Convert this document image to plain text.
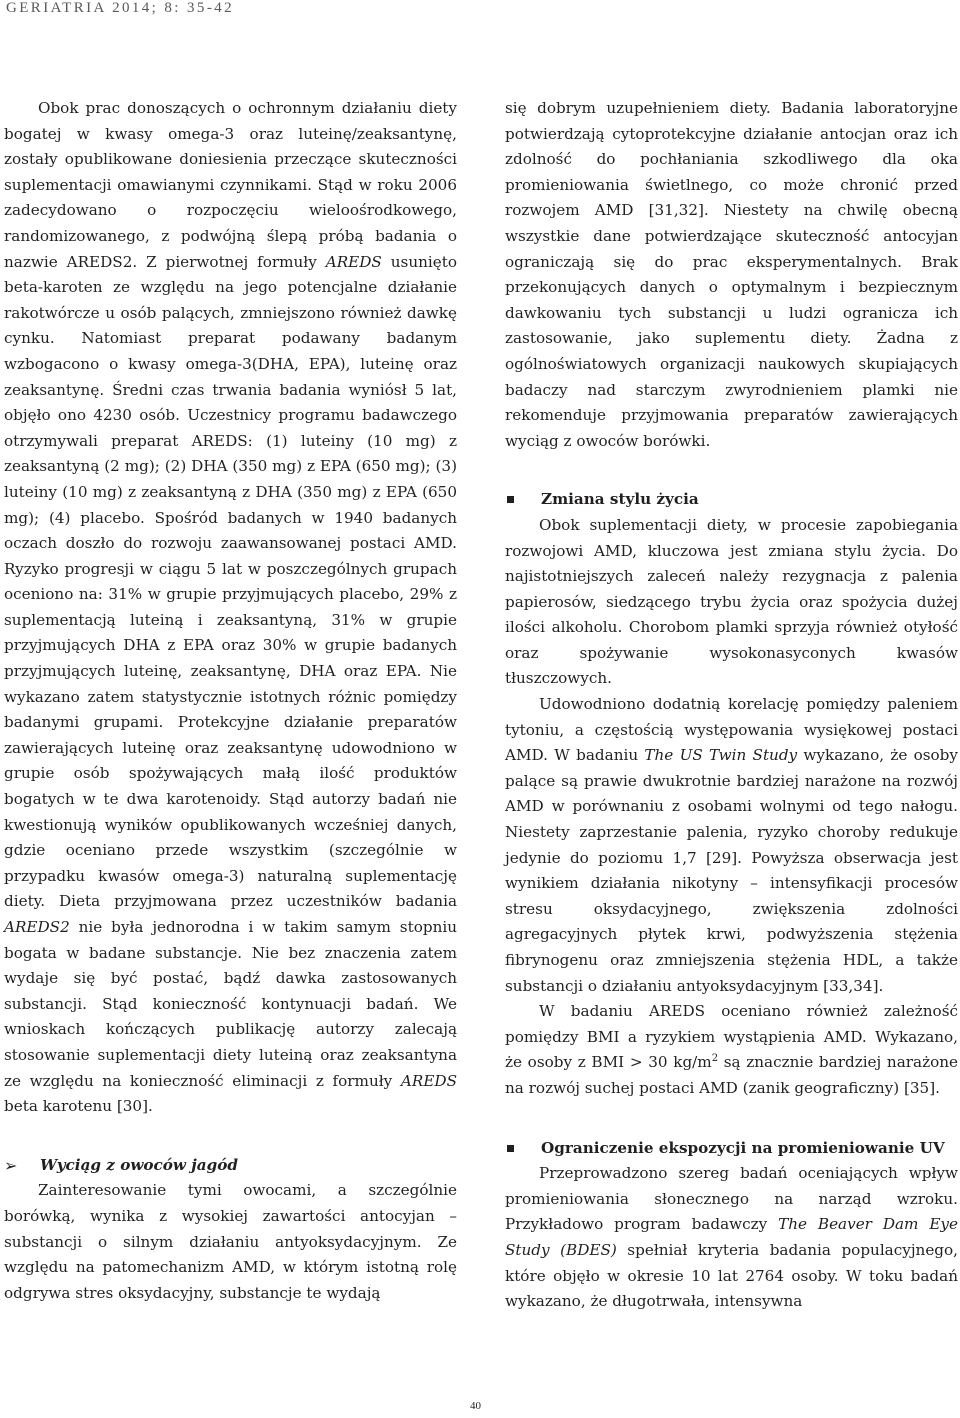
GERIATRIA 2014; 8: 35-42

Obok prac donoszących o ochronnym działaniu diety bogatej w kwasy omega-3 oraz luteinę/zeaksantynę, zostały opublikowane doniesienia przeczące skuteczności suplementacji omawianymi czynnikami. Stąd w roku 2006 zadecydowano o rozpoczęciu wieloośrodkowego, randomizowanego, z podwójną ślepą próbą badania o nazwie AREDS2. Z pierwotnej formuły AREDS usunięto beta-karoten ze względu na jego potencjalne działanie rakotwórcze u osób palących, zmniejszono również dawkę cynku. Natomiast preparat podawany badanym wzbogacono o kwasy omega-3(DHA, EPA), luteinę oraz zeaksantynę. Średni czas trwania badania wyniósł 5 lat, objęło ono 4230 osób. Uczestnicy programu badawczego otrzymywali preparat AREDS: (1) luteiny (10 mg) z zeaksantyną (2 mg); (2) DHA (350 mg) z EPA (650 mg); (3) luteiny (10 mg) z zeaksantyną z DHA (350 mg) z EPA (650 mg); (4) placebo. Spośród badanych w 1940 badanych oczach doszło do rozwoju zaawansowanej postaci AMD. Ryzyko progresji w ciągu 5 lat w poszczególnych grupach oceniono na: 31% w grupie przyjmujących placebo, 29% z suplementacją luteiną i zeaksantyną, 31% w grupie przyjmujących DHA z EPA oraz 30% w grupie badanych przyjmujących luteinę, zeaksantynę, DHA oraz EPA. Nie wykazano zatem statystycznie istotnych różnic pomiędzy badanymi grupami. Protekcyjne działanie preparatów zawierających luteinę oraz zeaksantynę udowodniono w grupie osób spożywających małą ilość produktów bogatych w te dwa karotenoidy. Stąd autorzy badań nie kwestionują wyników opublikowanych wcześniej danych, gdzie oceniano przede wszystkim (szczególnie w przypadku kwasów omega-3) naturalną suplementację diety. Dieta przyjmowana przez uczestników badania AREDS2 nie była jednorodna i w takim samym stopniu bogata w badane substancje. Nie bez znaczenia zatem wydaje się być postać, bądź dawka zastosowanych substancji. Stąd konieczność kontynuacji badań. We wnioskach kończących publikację autorzy zalecają stosowanie suplementacji diety luteiną oraz zeaksantyna ze względu na konieczność eliminacji z formuły AREDS beta karotenu [30].

➢ Wyciąg z owoców jagód

Zainteresowanie tymi owocami, a szczególnie borówką, wynika z wysokiej zawartości antocyjan – substancji o silnym działaniu antyoksydacyjnym. Ze względu na patomechanizm AMD, w którym istotną rolę odgrywa stres oksydacyjny, substancje te wydają

się dobrym uzupełnieniem diety. Badania laboratoryjne potwierdzają cytoprotekcyjne działanie antocjan oraz ich zdolność do pochłaniania szkodliwego dla oka promieniowania świetlnego, co może chronić przed rozwojem AMD [31,32]. Niestety na chwilę obecną wszystkie dane potwierdzające skuteczność antocyjan ograniczają się do prac eksperymentalnych. Brak przekonujących danych o optymalnym i bezpiecznym dawkowaniu tych substancji u ludzi ogranicza ich zastosowanie, jako suplementu diety. Żadna z ogólnoświatowych organizacji naukowych skupiających badaczy nad starczym zwyrodnieniem plamki nie rekomenduje przyjmowania preparatów zawierających wyciąg z owoców borówki.

Zmiana stylu życia

Obok suplementacji diety, w procesie zapobiegania rozwojowi AMD, kluczowa jest zmiana stylu życia. Do najistotniejszych zaleceń należy rezygnacja z palenia papierosów, siedzącego trybu życia oraz spożycia dużej ilości alkoholu. Chorobom plamki sprzyja również otyłość oraz spożywanie wysokonasyconych kwasów tłuszczowych.

Udowodniono dodatnią korelację pomiędzy paleniem tytoniu, a częstością występowania wysiękowej postaci AMD. W badaniu The US Twin Study wykazano, że osoby palące są prawie dwukrotnie bardziej narażone na rozwój AMD w porównaniu z osobami wolnymi od tego nałogu. Niestety zaprzestanie palenia, ryzyko choroby redukuje jedynie do poziomu 1,7 [29]. Powyższa obserwacja jest wynikiem działania nikotyny – intensyfikacji procesów stresu oksydacyjnego, zwiększenia zdolności agregacyjnych płytek krwi, podwyższenia stężenia fibrynogenu oraz zmniejszenia stężenia HDL, a także substancji o działaniu antyoksydacyjnym [33,34].

W badaniu AREDS oceniano również zależność pomiędzy BMI a ryzykiem wystąpienia AMD. Wykazano, że osoby z BMI > 30 $kg/m^2$ są znacznie bardziej narażone na rozwój suchej postaci AMD (zanik geograficzny) [35].

Ograniczenie ekspozycji na promieniowanie UV

Przeprowadzono szereg badań oceniających wpływ promieniowania słonecznego na narząd wzroku. Przykładowo program badawczy The Beaver Dam Eye Study (BDES) spełniał kryteria badania populacyjnego, które objęło w okresie 10 lat 2764 osoby. W toku badań wykazano, że długotrwała, intensywna

40
